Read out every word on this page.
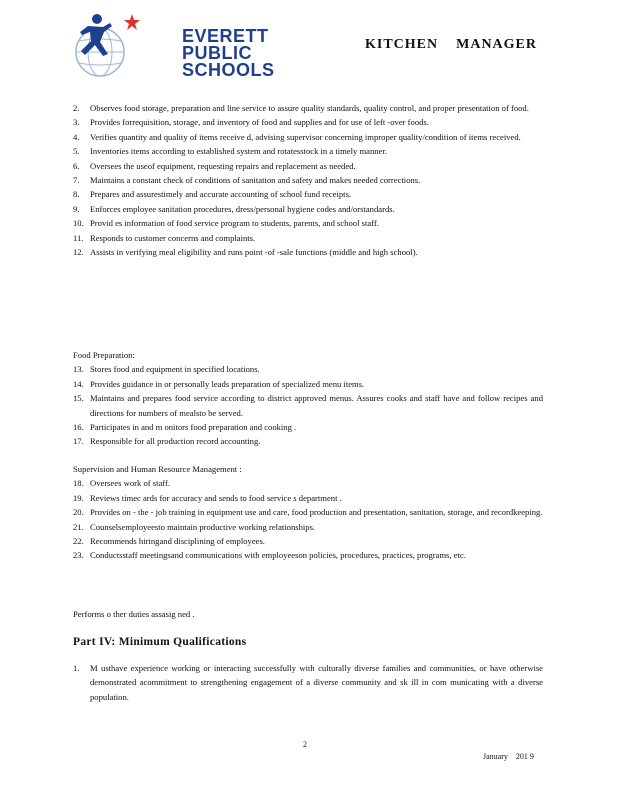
EVERETT
PUBLIC
SCHOOLS
KITCHEN    MANAGER
2. Observes food storage, preparation and line service to assure quality standards, quality control, and proper presentation of food.
3. Provides forrequisition, storage, and inventory of food and supplies and for use of left -over foods.
4. Verifies quantity and quality of items receive d, advising supervisor concerning improper quality/condition of items received.
5. Inventories items according to established system and rotatesstock in a timely manner.
6. Oversees the useof equipment, requesting repairs and replacement as needed.
7. Maintains a constant check of conditions of sanitation and safety and makes needed corrections.
8. Prepares and assurestimely and accurate accounting of school fund receipts.
9. Enforces employee sanitation procedures, dress/personal hygiene codes and/orstandards.
10. Provid es information of food service program to students, parents, and school staff.
11. Responds to customer concerns and complaints.
12. Assists in verifying meal eligibility and runs point -of -sale functions (middle and high school).
Food Preparation:
13. Stores food and equipment in specified locations.
14. Provides guidance in or personally leads preparation of specialized menu items.
15. Maintains and prepares food service according to district approved menus. Assures cooks and staff have and follow recipes and directions for numbers of mealsto be served.
16. Participates in and m onitors food preparation and cooking .
17. Responsible for all production record accounting.
Supervision and Human Resource Management :
18. Oversees work of staff.
19. Reviews timec ards for accuracy and sends to food service s department .
20. Provides on - the - job training in equipment use and care, food production and presentation, sanitation, storage, and recordkeeping.
21. Counselsemployeesto maintain productive working relationships.
22. Recommends hiringand disciplining of employees.
23. Conductsstaff meetingsand communications with employeeson policies, procedures, practices, programs, etc.
Performs o ther duties assasig ned .
Part IV: Minimum Qualifications
1. M usthave experience working or interacting successfully with culturally diverse families and communities, or have otherwise demonstrated acommitment to strengthening engagement of a diverse community and sk ill in com municating with a diverse population.
2
January    201 9
